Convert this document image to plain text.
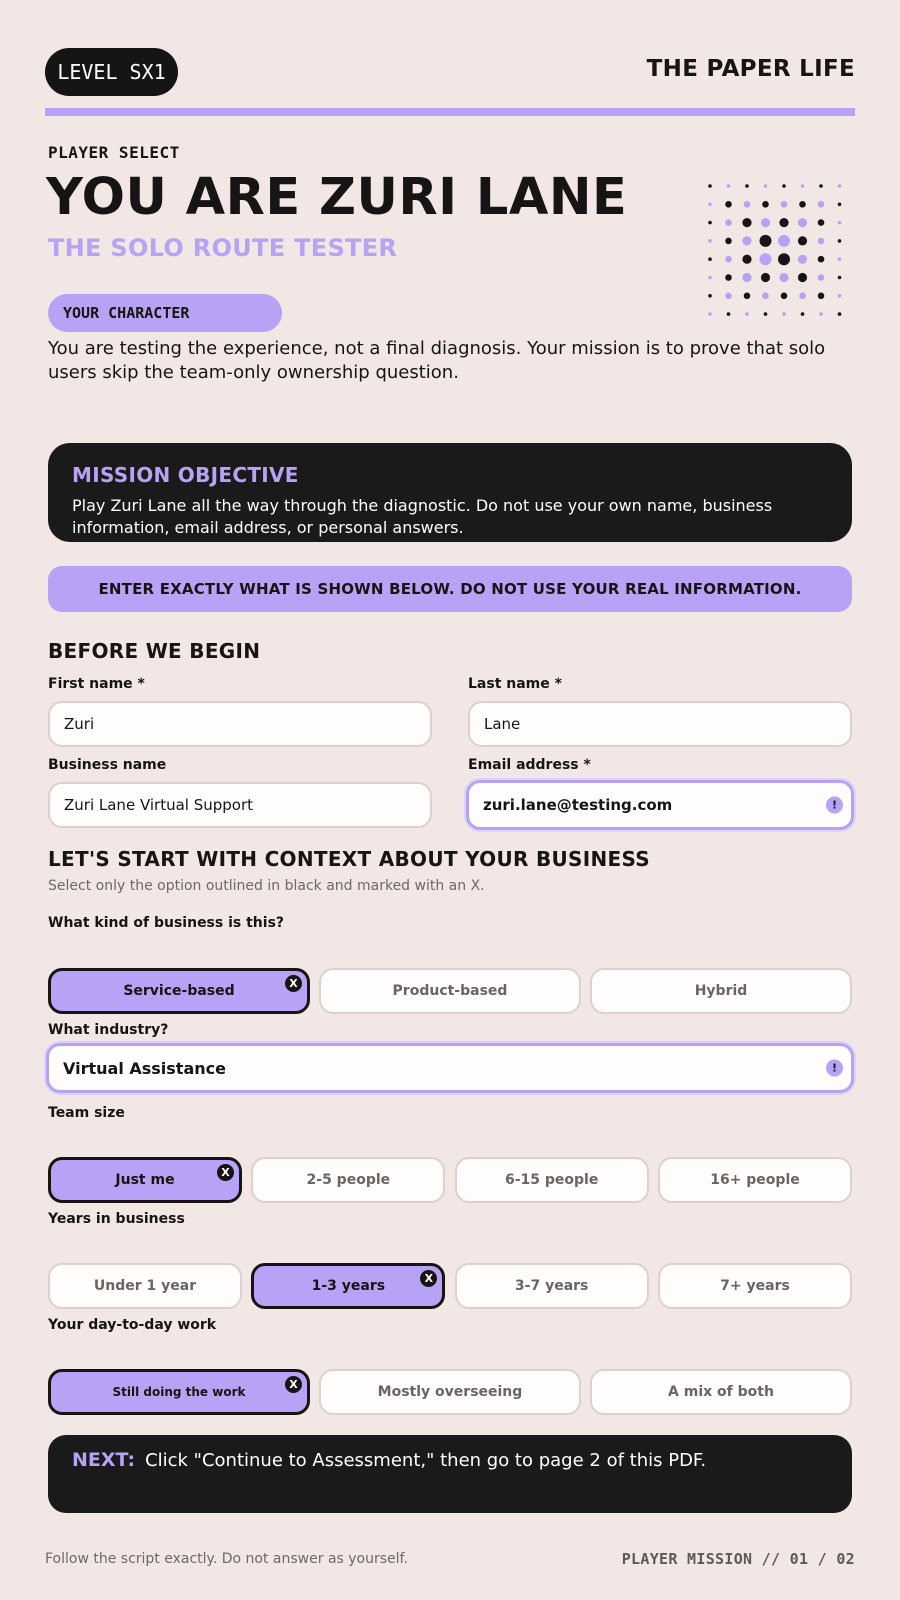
LEVEL SX1	THE PAPER LIFE
PLAYER SELECT
YOU ARE ZURI LANE
THE SOLO ROUTE TESTER
YOUR CHARACTER
You are testing the experience, not a final diagnosis. Your mission is to prove that solo users skip the team-only ownership question.
MISSION OBJECTIVE
Play Zuri Lane all the way through the diagnostic. Do not use your own name, business information, email address, or personal answers.
ENTER EXACTLY WHAT IS SHOWN BELOW. DO NOT USE YOUR REAL INFORMATION.
BEFORE WE BEGIN
First name *
Zuri
Last name *
Lane
Business name
Zuri Lane Virtual Support
Email address *
zuri.lane@testing.com	!
LET'S START WITH CONTEXT ABOUT YOUR BUSINESS
Select only the option outlined in black and marked with an X.
What kind of business is this?
Service-based	X	Product-based	Hybrid
What industry?
Virtual Assistance	!
Team size
Just me	X	2-5 people	6-15 people	16+ people
Years in business
Under 1 year	1-3 years	X	3-7 years	7+ years
Your day-to-day work
Still doing the work
X	Mostly overseeing	A mix of both
NEXT: Click "Continue to Assessment," then go to page 2 of this PDF.
Follow the script exactly. Do not answer as yourself.	PLAYER MISSION // 01 / 02
